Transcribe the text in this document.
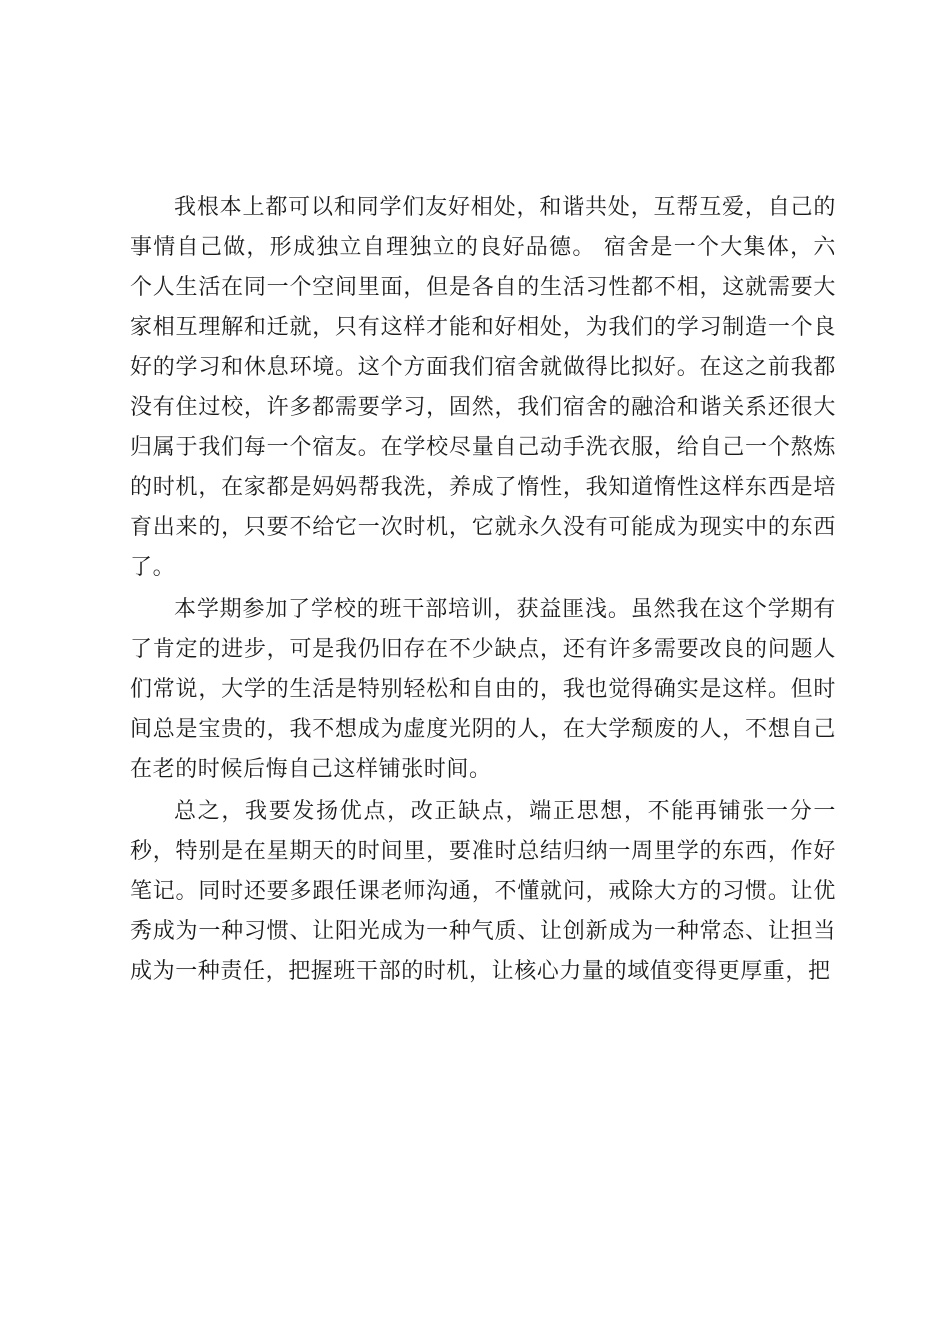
我根本上都可以和同学们友好相处，和谐共处，互帮互爱，自己的事情自己做，形成独立自理独立的良好品德。 宿舍是一个大集体，六个人生活在同一个空间里面，但是各自的生活习性都不相，这就需要大家相互理解和迁就，只有这样才能和好相处，为我们的学习制造一个良好的学习和休息环境。这个方面我们宿舍就做得比拟好。在这之前我都没有住过校，许多都需要学习，固然，我们宿舍的融洽和谐关系还很大归属于我们每一个宿友。在学校尽量自己动手洗衣服，给自己一个熬炼的时机，在家都是妈妈帮我洗，养成了惰性，我知道惰性这样东西是培育出来的，只要不给它一次时机，它就永久没有可能成为现实中的东西了。

本学期参加了学校的班干部培训，获益匪浅。虽然我在这个学期有了肯定的进步，可是我仍旧存在不少缺点，还有许多需要改良的问题人们常说，大学的生活是特别轻松和自由的，我也觉得确实是这样。但时间总是宝贵的，我不想成为虚度光阴的人，在大学颓废的人，不想自己在老的时候后悔自己这样铺张时间。

总之，我要发扬优点，改正缺点，端正思想，不能再铺张一分一秒，特别是在星期天的时间里，要准时总结归纳一周里学的东西，作好笔记。同时还要多跟任课老师沟通，不懂就问，戒除大方的习惯。让优秀成为一种习惯、让阳光成为一种气质、让创新成为一种常态、让担当成为一种责任，把握班干部的时机，让核心力量的域值变得更厚重，把
